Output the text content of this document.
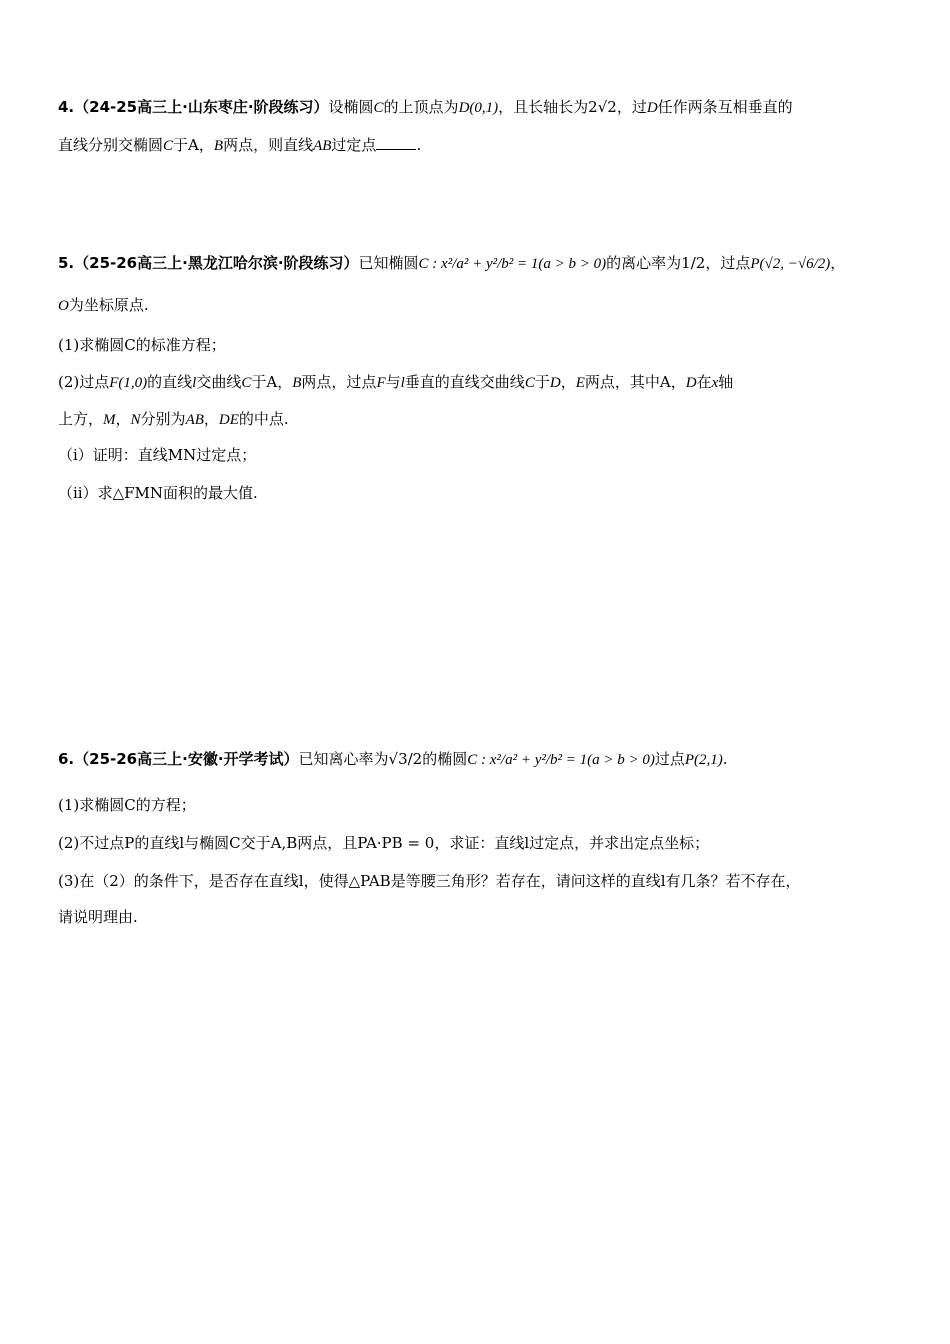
4.（24-25高三上·山东枣庄·阶段练习）设椭圆C的上顶点为D(0,1)，且长轴长为2√2，过D任作两条互相垂直的
直线分别交椭圆C于A，B两点，则直线AB过定点	.
5.（25-26高三上·黑龙江哈尔滨·阶段练习）已知椭圆C : x²/a² + y²/b² = 1(a > b > 0)的离心率为1/2，过点P(√2, −√6/2)，
O为坐标原点.
(1)求椭圆C的标准方程；
(2)过点F(1,0)的直线l交曲线C于A，B两点，过点F与l垂直的直线交曲线C于D，E两点，其中A，D在x轴
上方，M，N分别为AB，DE的中点.
（i）证明：直线MN过定点；
（ii）求△FMN面积的最大值.
6.（25-26高三上·安徽·开学考试）已知离心率为√3/2的椭圆C : x²/a² + y²/b² = 1(a > b > 0)过点P(2,1).
(1)求椭圆C的方程；
(2)不过点P的直线l与椭圆C交于A,B两点，且PA·PB = 0，求证：直线l过定点，并求出定点坐标；
(3)在（2）的条件下，是否存在直线l，使得△PAB是等腰三角形？若存在，请问这样的直线l有几条？若不存在，
请说明理由.
